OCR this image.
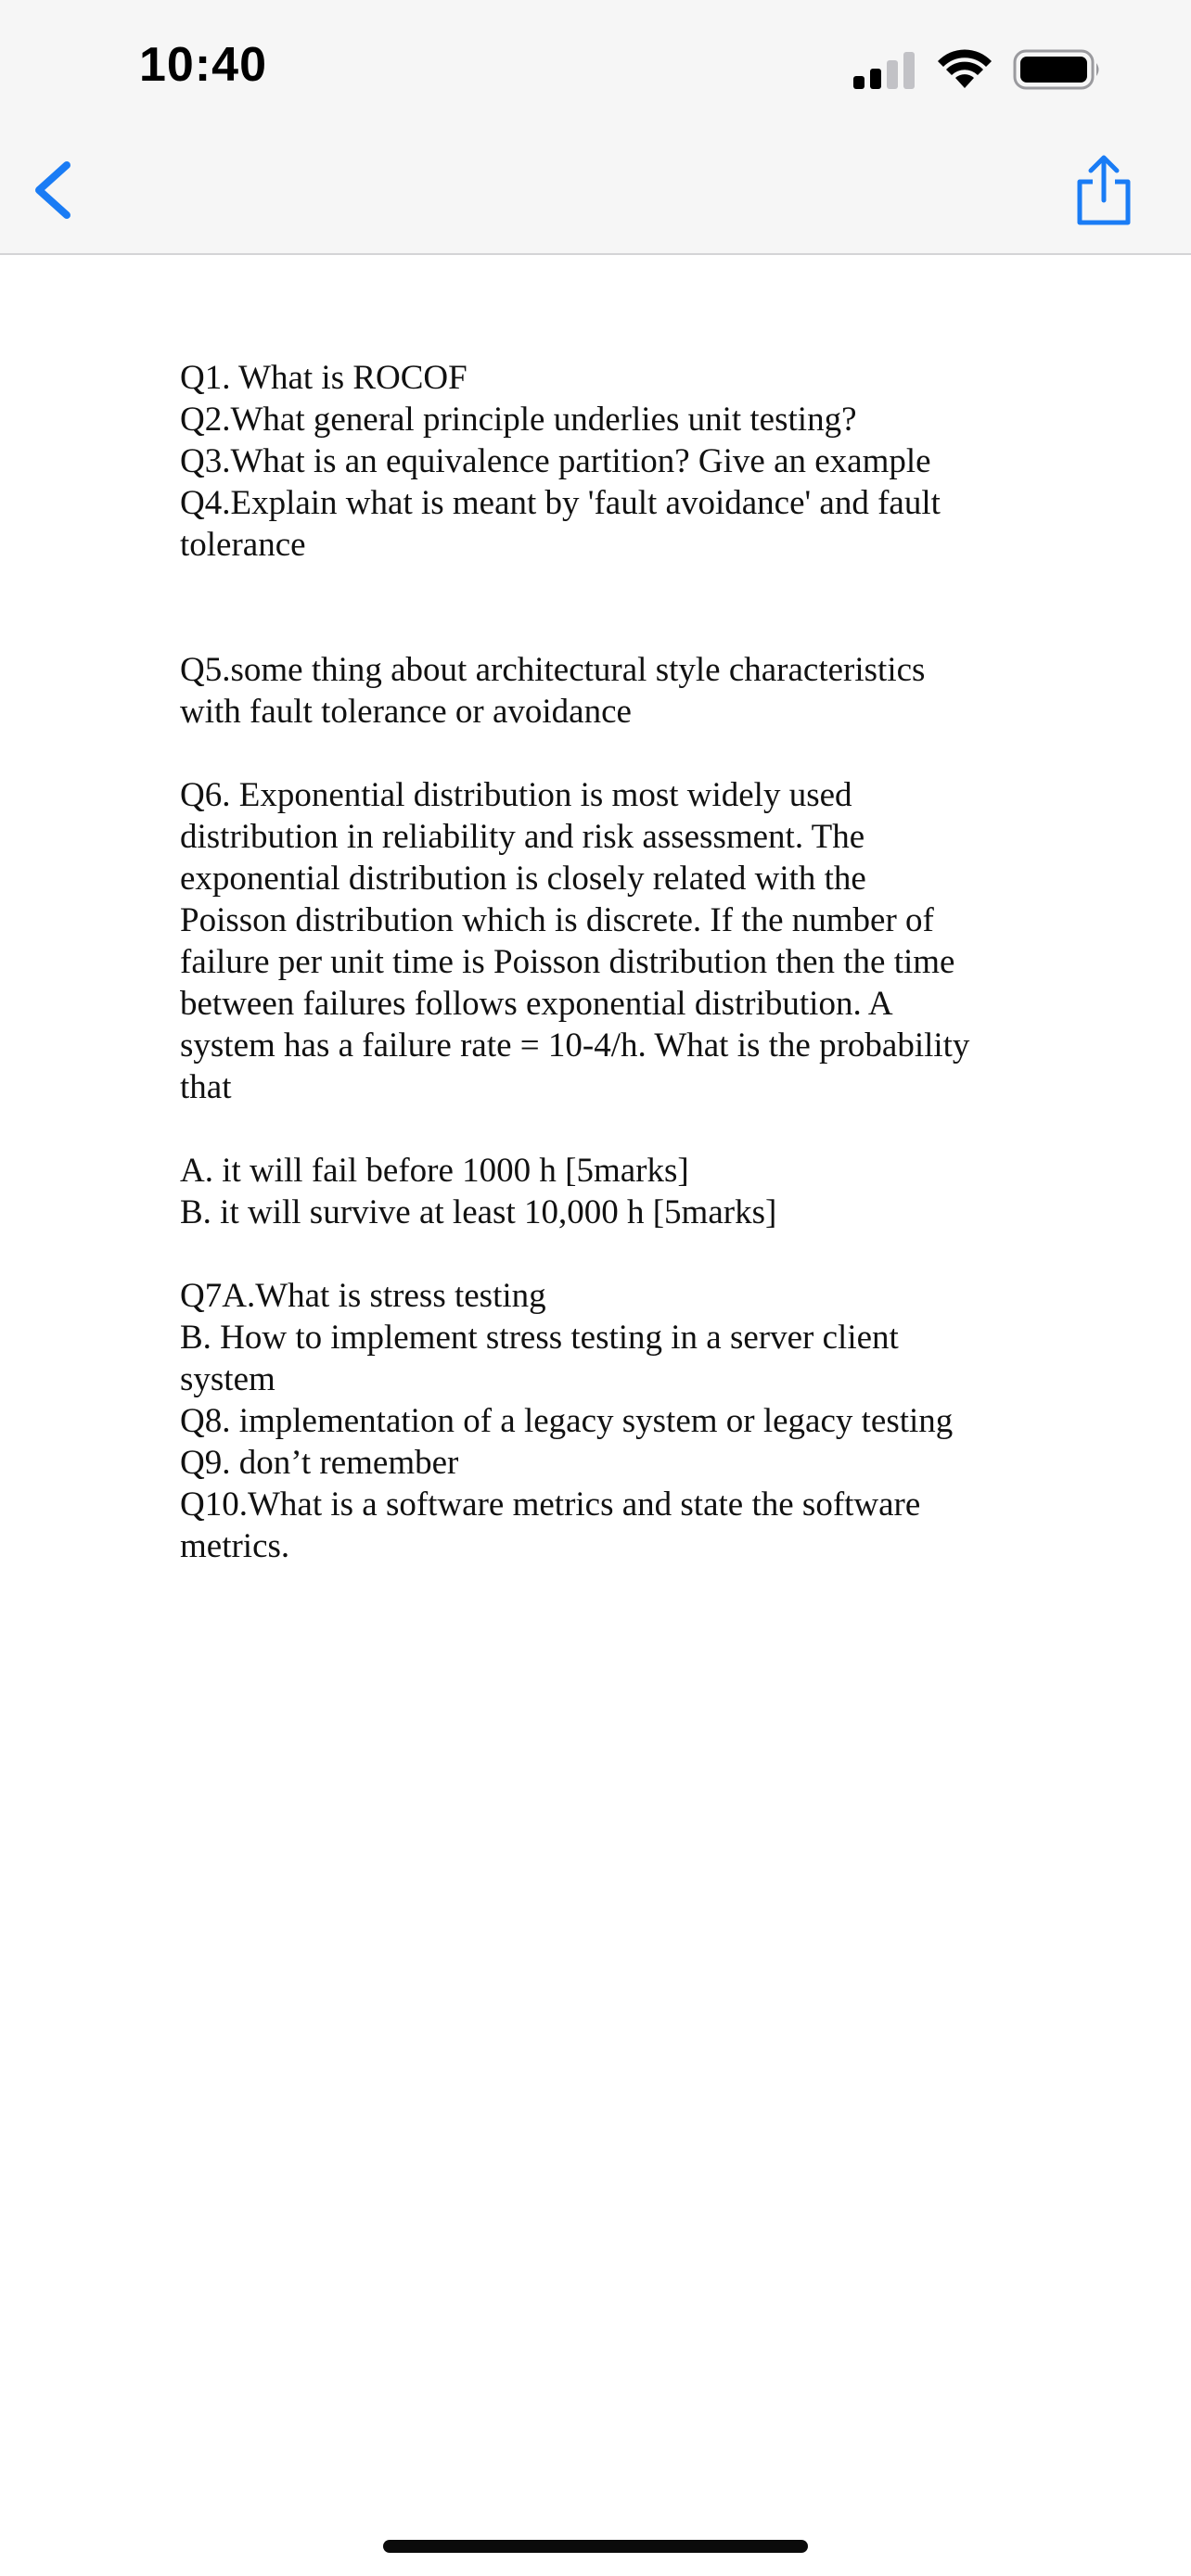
10:40

Q1. What is ROCOF
Q2.What general principle underlies unit testing?
Q3.What is an equivalence partition? Give an example
Q4.Explain what is meant by 'fault avoidance' and fault
tolerance

Q5.some thing about architectural style characteristics
with fault tolerance or avoidance

Q6. Exponential distribution is most widely used
distribution in reliability and risk assessment. The
exponential distribution is closely related with the
Poisson distribution which is discrete. If the number of
failure per unit time is Poisson distribution then the time
between failures follows exponential distribution. A
system has a failure rate = 10-4/h. What is the probability
that

A. it will fail before 1000 h [5marks]
B. it will survive at least 10,000 h [5marks]

Q7A.What is stress testing
B. How to implement stress testing in a server client
system
Q8. implementation of a legacy system or legacy testing
Q9. don’t remember
Q10.What is a software metrics and state the software
metrics.
